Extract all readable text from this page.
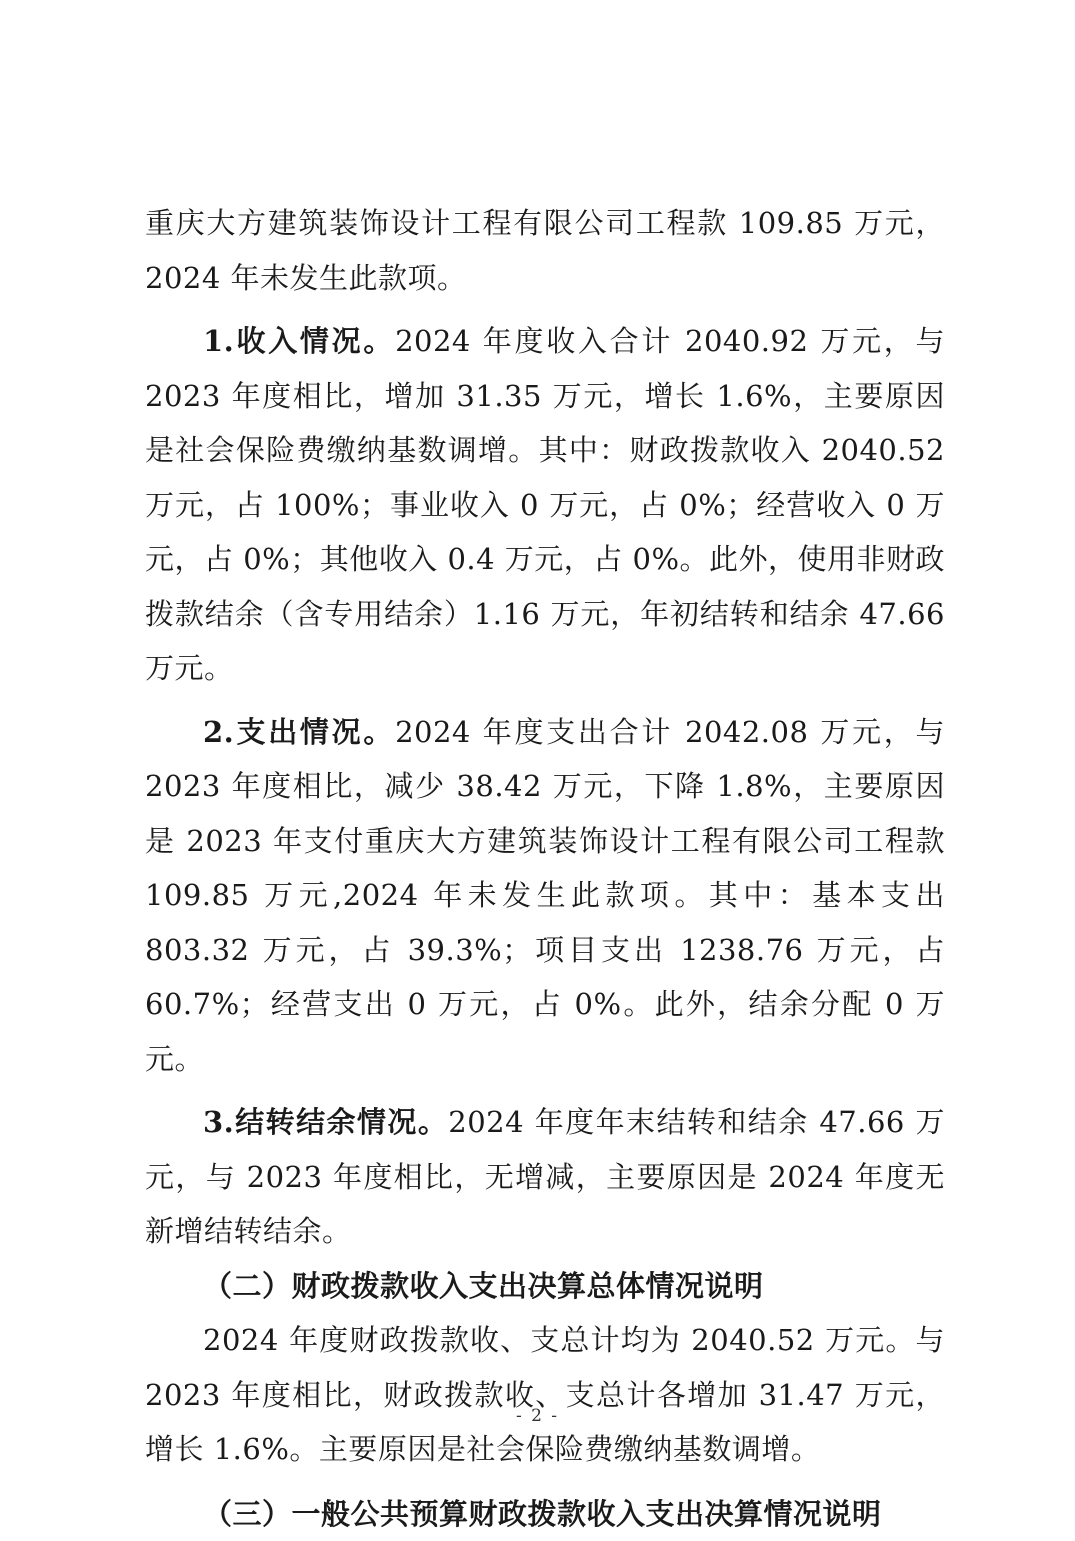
重庆大方建筑装饰设计工程有限公司工程款 109.85 万元，2024 年未发生此款项。

1.收入情况。2024 年度收入合计 2040.92 万元，与 2023 年度相比，增加 31.35 万元，增长 1.6%，主要原因是社会保险费缴纳基数调增。其中：财政拨款收入 2040.52 万元，占 100%；事业收入 0 万元，占 0%；经营收入 0 万元，占 0%；其他收入 0.4 万元，占 0%。此外，使用非财政拨款结余（含专用结余）1.16 万元，年初结转和结余 47.66 万元。

2.支出情况。2024 年度支出合计 2042.08 万元，与 2023 年度相比，减少 38.42 万元，下降 1.8%，主要原因是 2023 年支付重庆大方建筑装饰设计工程有限公司工程款 109.85 万元,2024 年未发生此款项。其中：基本支出 803.32 万元，占 39.3%；项目支出 1238.76 万元，占 60.7%；经营支出 0 万元，占 0%。此外，结余分配 0 万元。

3.结转结余情况。2024 年度年末结转和结余 47.66 万元，与 2023 年度相比，无增减，主要原因是 2024 年度无新增结转结余。

（二）财政拨款收入支出决算总体情况说明

2024 年度财政拨款收、支总计均为 2040.52 万元。与 2023 年度相比，财政拨款收、支总计各增加 31.47 万元，增长 1.6%。主要原因是社会保险费缴纳基数调增。

（三）一般公共预算财政拨款收入支出决算情况说明

- 2 -
